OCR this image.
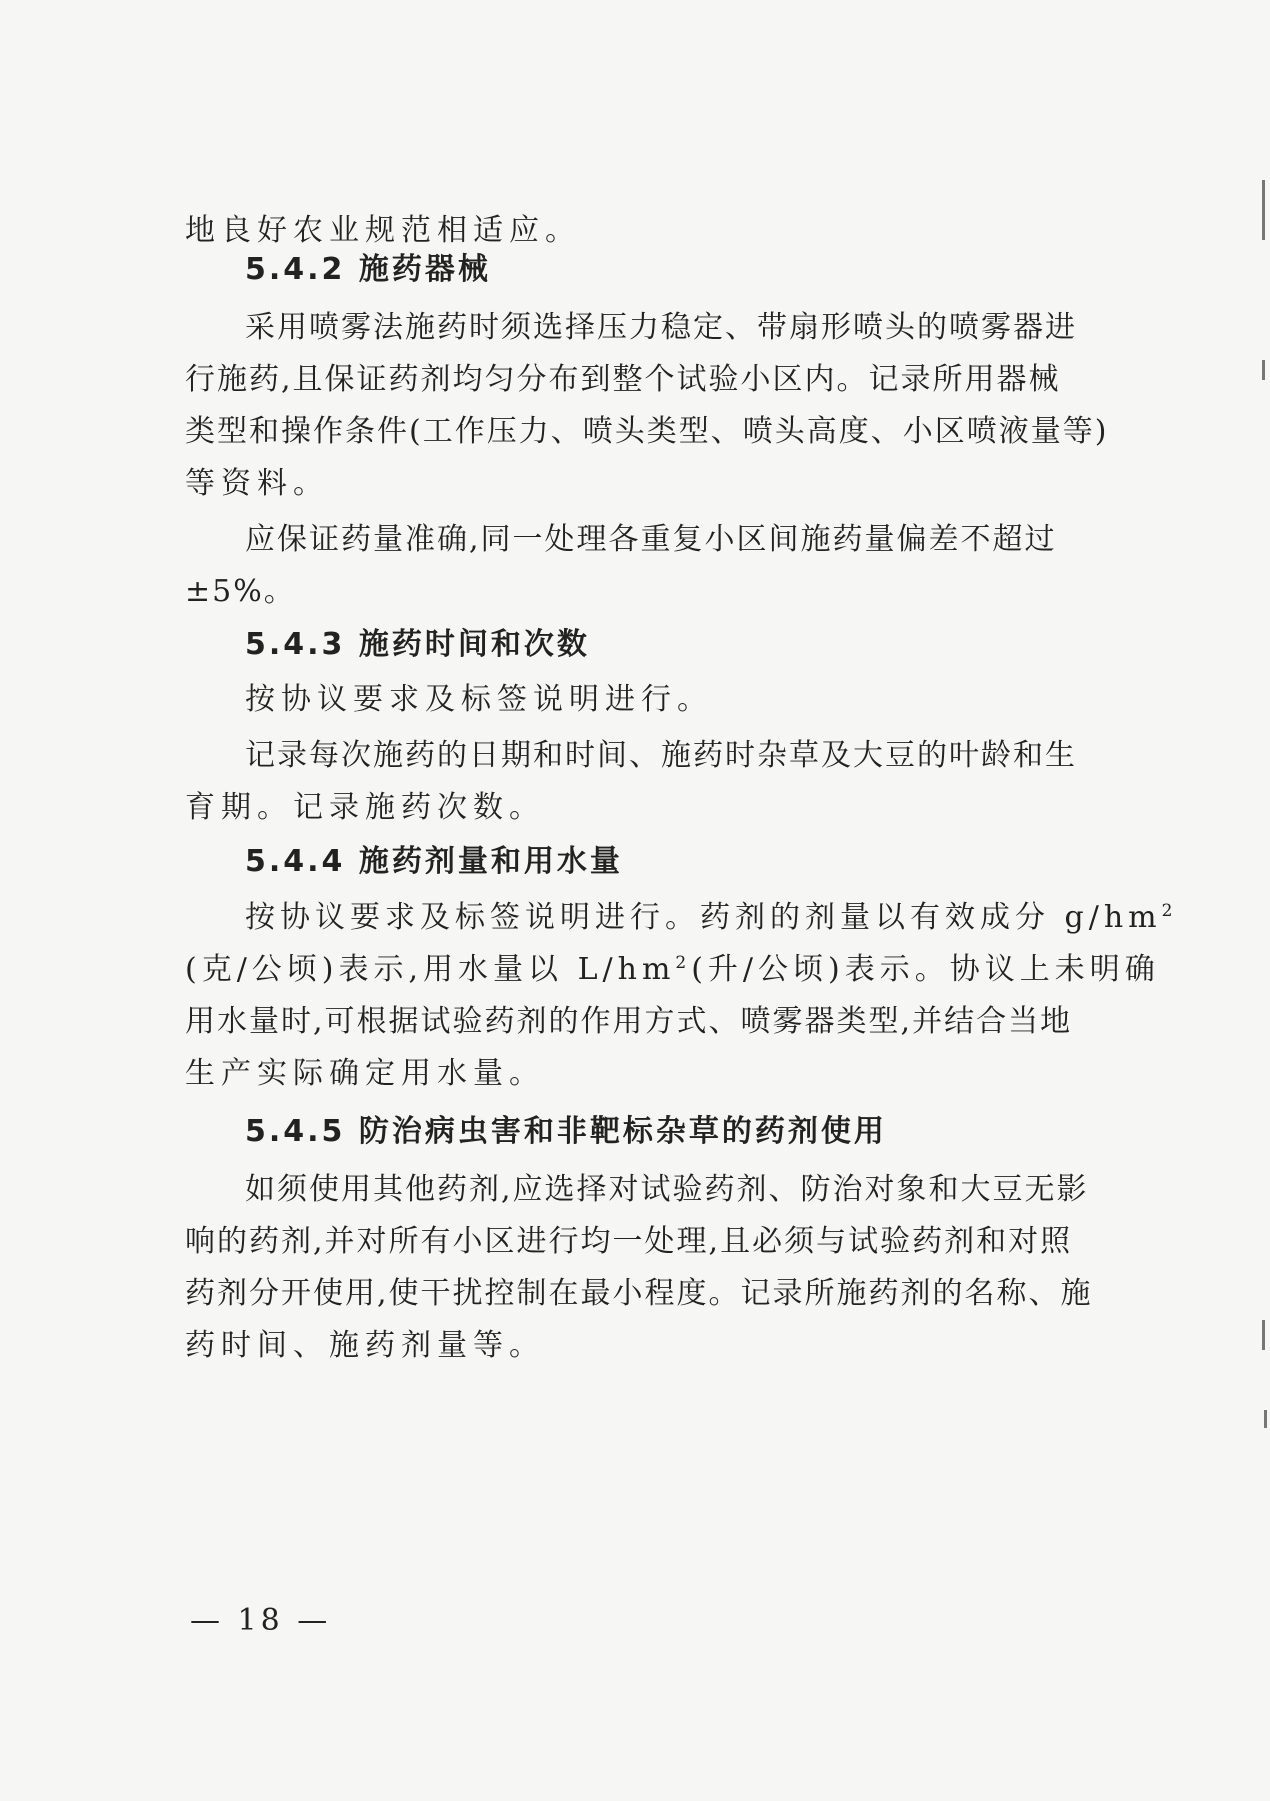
地良好农业规范相适应。
5.4.2 施药器械
采用喷雾法施药时须选择压力稳定、带扇形喷头的喷雾器进
行施药,且保证药剂均匀分布到整个试验小区内。记录所用器械
类型和操作条件(工作压力、喷头类型、喷头高度、小区喷液量等)
等资料。
应保证药量准确,同一处理各重复小区间施药量偏差不超过
±5%。
5.4.3 施药时间和次数
按协议要求及标签说明进行。
记录每次施药的日期和时间、施药时杂草及大豆的叶龄和生
育期。记录施药次数。
5.4.4 施药剂量和用水量
按协议要求及标签说明进行。药剂的剂量以有效成分 $g/hm^2$
(克/公顷)表示,用水量以 $L/hm^2$(升/公顷)表示。协议上未明确
用水量时,可根据试验药剂的作用方式、喷雾器类型,并结合当地
生产实际确定用水量。
5.4.5 防治病虫害和非靶标杂草的药剂使用
如须使用其他药剂,应选择对试验药剂、防治对象和大豆无影
响的药剂,并对所有小区进行均一处理,且必须与试验药剂和对照
药剂分开使用,使干扰控制在最小程度。记录所施药剂的名称、施
药时间、施药剂量等。
— 18 —
